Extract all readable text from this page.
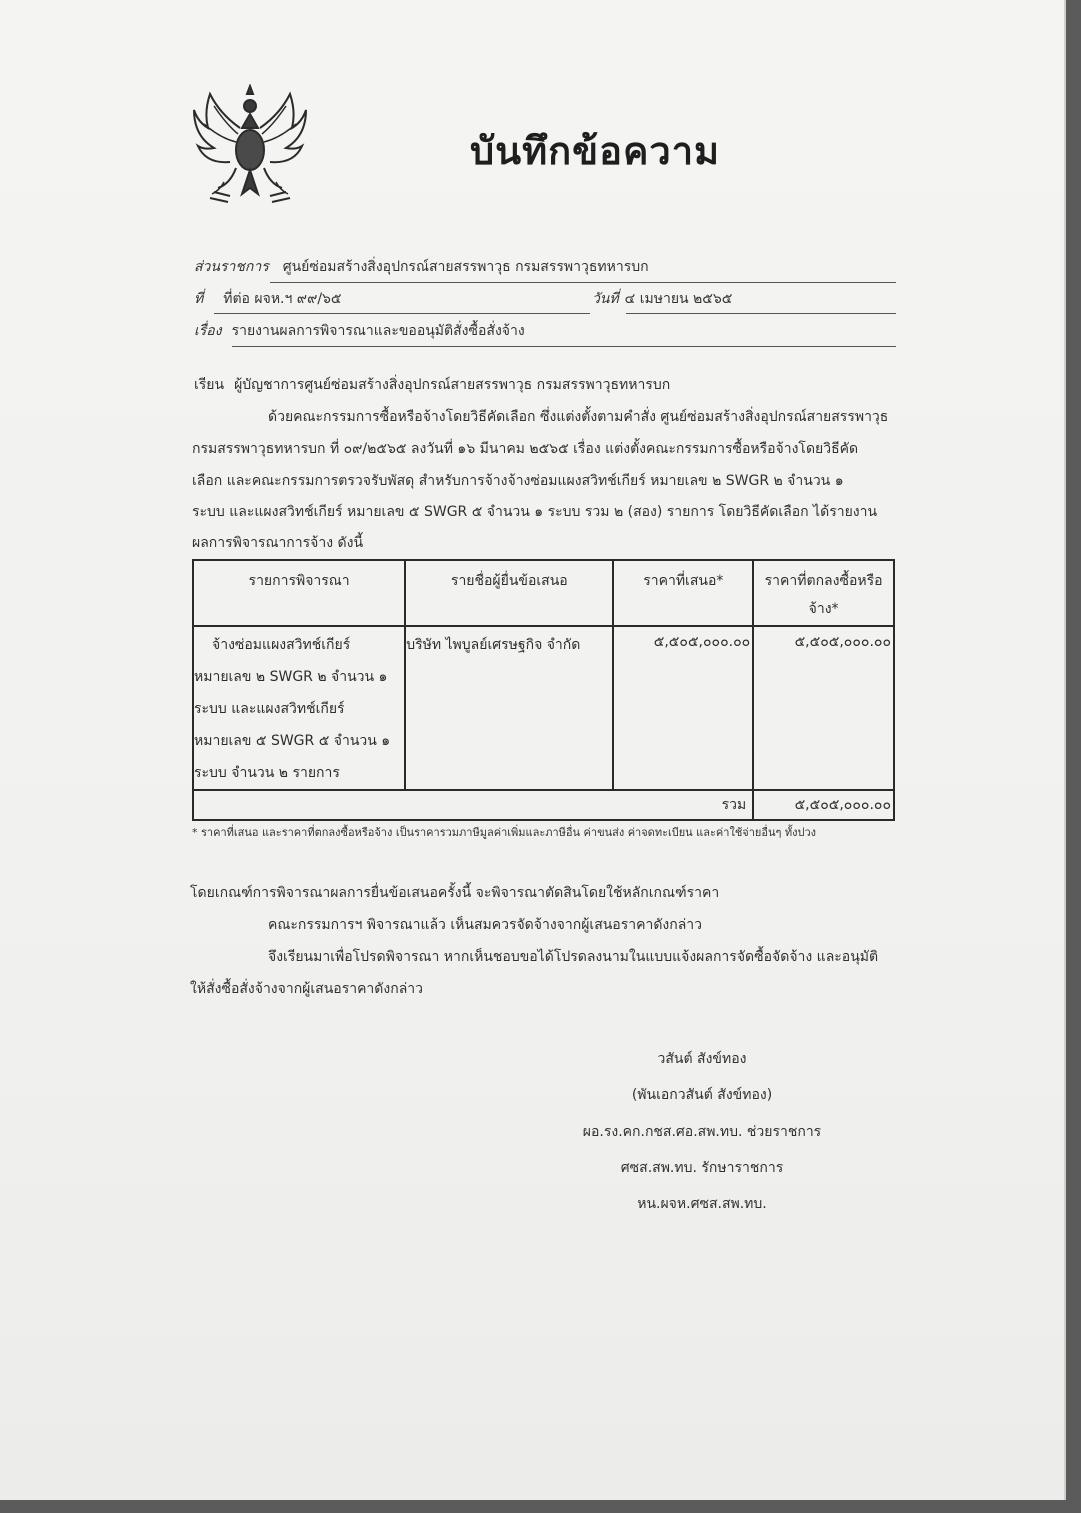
บันทึกข้อความ
ส่วนราชการ ศูนย์ซ่อมสร้างสิ่งอุปกรณ์สายสรรพาวุธ กรมสรรพาวุธทหารบก
ที่ ที่ต่อ ผจห.ฯ ๙๙/๖๕	วันที่ ๔ เมษายน ๒๕๖๕
เรื่อง รายงานผลการพิจารณาและขออนุมัติสั่งซื้อสั่งจ้าง
เรียน ผู้บัญชาการศูนย์ซ่อมสร้างสิ่งอุปกรณ์สายสรรพาวุธ กรมสรรพาวุธทหารบก
ด้วยคณะกรรมการซื้อหรือจ้างโดยวิธีคัดเลือก ซึ่งแต่งตั้งตามคำสั่ง ศูนย์ซ่อมสร้างสิ่งอุปกรณ์สายสรรพาวุธ
กรมสรรพาวุธทหารบก ที่ ๐๙/๒๕๖๕ ลงวันที่ ๑๖ มีนาคม ๒๕๖๕ เรื่อง แต่งตั้งคณะกรรมการซื้อหรือจ้างโดยวิธีคัด
เลือก และคณะกรรมการตรวจรับพัสดุ สำหรับการจ้างจ้างซ่อมแผงสวิทช์เกียร์ หมายเลข ๒ SWGR ๒ จำนวน ๑
ระบบ และแผงสวิทช์เกียร์ หมายเลข ๕ SWGR ๕ จำนวน ๑ ระบบ รวม ๒ (สอง) รายการ โดยวิธีคัดเลือก ได้รายงาน
ผลการพิจารณาการจ้าง ดังนี้
รายการพิจารณา	รายชื่อผู้ยื่นข้อเสนอ	ราคาที่เสนอ*	ราคาที่ตกลงซื้อหรือ
จ้าง*

จ้างซ่อมแผงสวิทช์เกียร์
หมายเลข ๒ SWGR ๒ จำนวน ๑
ระบบ และแผงสวิทช์เกียร์
หมายเลข ๕ SWGR ๕ จำนวน ๑
ระบบ จำนวน ๒ รายการ	บริษัท ไพบูลย์เศรษฐกิจ จำกัด	๕,๕๐๕,๐๐๐.๐๐	๕,๕๐๕,๐๐๐.๐๐
รวม			๕,๕๐๕,๐๐๐.๐๐
* ราคาที่เสนอ และราคาที่ตกลงซื้อหรือจ้าง เป็นราคารวมภาษีมูลค่าเพิ่มและภาษีอื่น ค่าขนส่ง ค่าจดทะเบียน และค่าใช้จ่ายอื่นๆ ทั้งปวง
โดยเกณฑ์การพิจารณาผลการยื่นข้อเสนอครั้งนี้ จะพิจารณาตัดสินโดยใช้หลักเกณฑ์ราคา
คณะกรรมการฯ พิจารณาแล้ว เห็นสมควรจัดจ้างจากผู้เสนอราคาดังกล่าว
จึงเรียนมาเพื่อโปรดพิจารณา หากเห็นชอบขอได้โปรดลงนามในแบบแจ้งผลการจัดซื้อจัดจ้าง และอนุมัติ
ให้สั่งซื้อสั่งจ้างจากผู้เสนอราคาดังกล่าว
วสันต์ สังข์ทอง
(พันเอกวสันต์ สังข์ทอง)
ผอ.รง.คก.กชส.ศอ.สพ.ทบ. ช่วยราชการ
ศซส.สพ.ทบ. รักษาราชการ
หน.ผจห.ศซส.สพ.ทบ.
